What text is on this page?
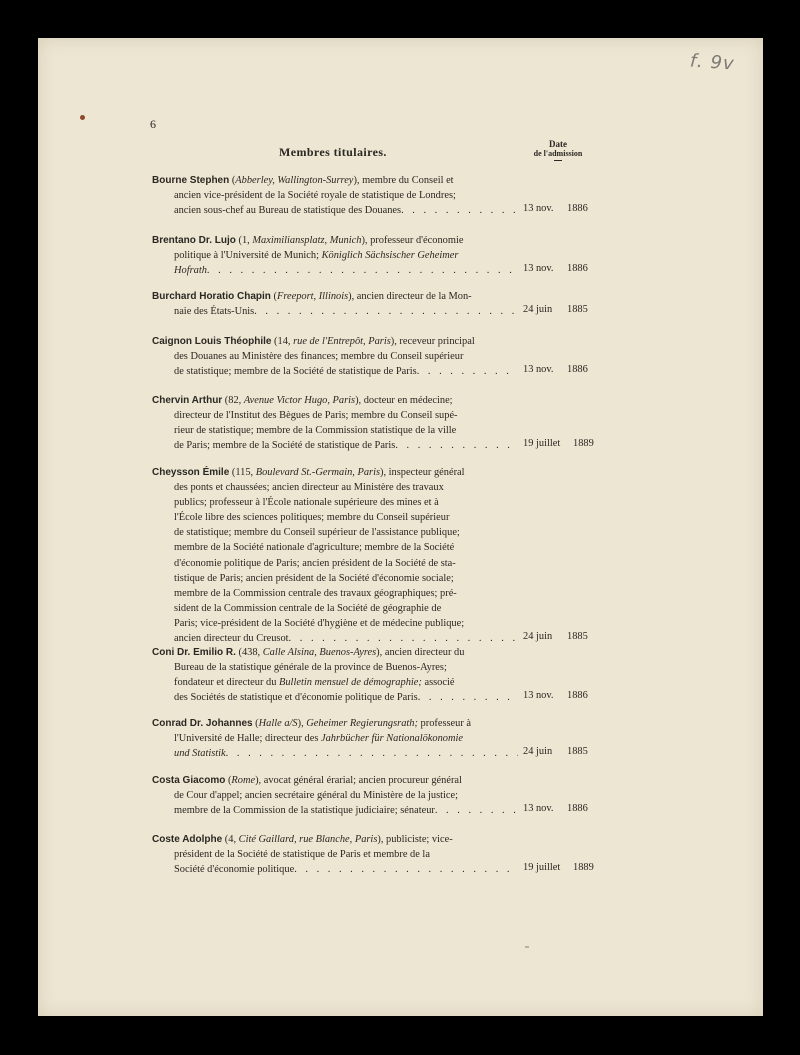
f. 9v
6
Membres titulaires.
Date
de l'admission
Bourne Stephen (Abberley, Wallington-Surrey), membre du Conseil et
ancien vice-président de la Société royale de statistique de Londres;
ancien sous-chef au Bureau de statistique des Douanes . . .	13 nov. 1886
Brentano Dr. Lujo (1, Maximiliansplatz, Munich), professeur d'économie
politique à l'Université de Munich; Königlich Sächsischer Geheimer
Hofrath . . .	13 nov. 1886
Burchard Horatio Chapin (Freeport, Illinois), ancien directeur de la Mon-
naie des États-Unis . . .	24 juin 1885
Caignon Louis Théophile (14, rue de l'Entrepôt, Paris), receveur principal
des Douanes au Ministère des finances; membre du Conseil supérieur
de statistique; membre de la Société de statistique de Paris . . .	13 nov. 1886
Chervin Arthur (82, Avenue Victor Hugo, Paris), docteur en médecine;
directeur de l'Institut des Bègues de Paris; membre du Conseil supé-
rieur de statistique; membre de la Commission statistique de la ville
de Paris; membre de la Société de statistique de Paris . . .	19 juillet 1889
Cheysson Émile (115, Boulevard St.-Germain, Paris), inspecteur général
des ponts et chaussées; ancien directeur au Ministère des travaux
publics; professeur à l'École nationale supérieure des mines et à
l'École libre des sciences politiques; membre du Conseil supérieur
de statistique; membre du Conseil supérieur de l'assistance publique;
membre de la Société nationale d'agriculture; membre de la Société
d'économie politique de Paris; ancien président de la Société de sta-
tistique de Paris; ancien président de la Société d'économie sociale;
membre de la Commission centrale des travaux géographiques; pré-
sident de la Commission centrale de la Société de géographie de
Paris; vice-président de la Société d'hygiène et de médecine publique;
ancien directeur du Creusot . . .	24 juin 1885
Coni Dr. Emilio R. (438, Calle Alsina, Buenos-Ayres), ancien directeur du
Bureau de la statistique générale de la province de Buenos-Ayres;
fondateur et directeur du Bulletin mensuel de démographie; associé
des Sociétés de statistique et d'économie politique de Paris . . .	13 nov. 1886
Conrad Dr. Johannes (Halle a/S), Geheimer Regierungsrath; professeur à
l'Université de Halle; directeur des Jahrbücher für Nationalökonomie
und Statistik . . .	24 juin 1885
Costa Giacomo (Rome), avocat général érarial; ancien procureur général
de Cour d'appel; ancien secrétaire général du Ministère de la justice;
membre de la Commission de la statistique judiciaire; sénateur . . .	13 nov. 1886
Coste Adolphe (4, Cité Gaillard, rue Blanche, Paris), publiciste; vice-
président de la Société de statistique de Paris et membre de la
Société d'économie politique . . .	19 juillet 1889
